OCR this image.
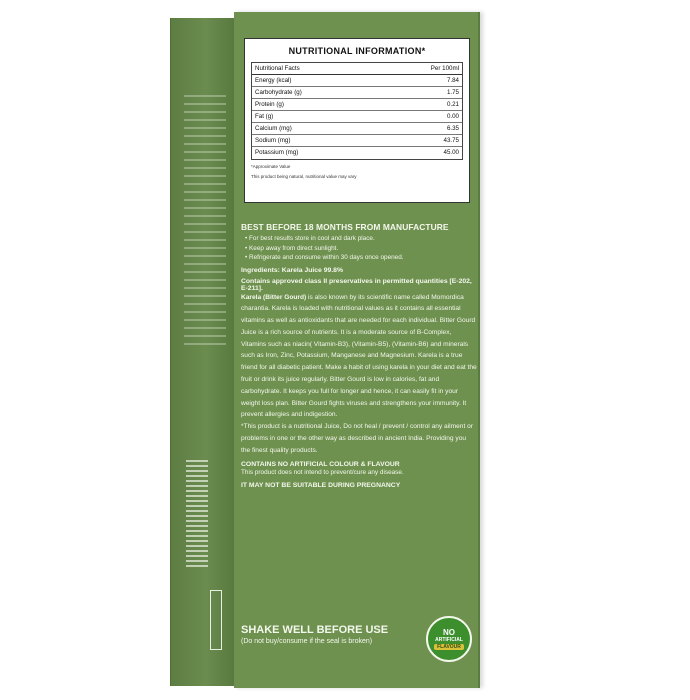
NUTRITIONAL INFORMATION*
Nutritional Facts	Per 100ml
Energy (kcal)	7.84
Carbohydrate (g)	1.75
Protein (g)	0.21
Fat (g)	0.00
Calcium (mg)	6.35
Sodium (mg)	43.75
Potassium (mg)	45.00
*Approximate Value
This product being natural, nutritional value may vary
BEST BEFORE 18 MONTHS FROM MANUFACTURE
• For best results store in cool and dark place.
• Keep away from direct sunlight.
• Refrigerate and consume within 30 days once opened.
Ingredients: Karela Juice 99.8%
Contains approved class II preservatives in permitted quantities [E-202, E-211].
Karela (Bitter Gourd) is also known by its scientific name called Momordica charantia. Karela is loaded with nutritional values as it contains all essential vitamins as well as antioxidants that are needed for each individual. Bitter Gourd Juice is a rich source of nutrients. It is a moderate source of B-Complex, Vitamins such as niacin( Vitamin-B3), (Vitamin-B5), (Vitamin-B6) and minerals such as Iron, Zinc, Potassium, Manganese and Magnesium. Karela is a true friend for all diabetic patient. Make a habit of using karela in your diet and eat the fruit or drink its juice regularly. Bitter Gourd is low in calories, fat and carbohydrate. It keeps you full for longer and hence, it can easily fit in your weight loss plan. Bitter Gourd fights viruses and strengthens your immunity. It prevent allergies and indigestion.
*This product is a nutritional Juice, Do not heal / prevent / control any ailment or problems in one or the other way as described in ancient India. Providing you the finest quality products.
CONTAINS NO ARTIFICIAL COLOUR & FLAVOUR
This product does not intend to prevent/cure any disease.
IT MAY NOT BE SUITABLE DURING PREGNANCY
SHAKE WELL BEFORE USE
(Do not buy/consume if the seal is broken)
NO
ARTIFICIAL
FLAVOUR
